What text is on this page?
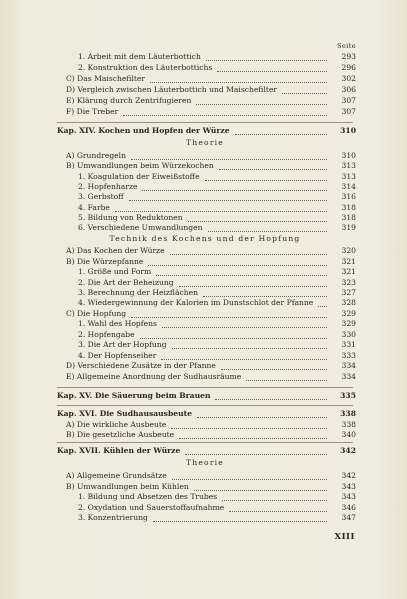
Seite
Theorie
Technik des Kochens und der Hopfung
Theorie
1. Arbeit mit dem Läuterbottich	293
2. Konstruktion des Läuterbottichs	296
C) Das Maischefilter	302
D) Vergleich zwischen Läuterbottich und Maischefilter	306
E) Klärung durch Zentrifugieren	307
F) Die Treber	307
Kap. XIV. Kochen und Hopfen der Würze	310
A) Grundregeln	310
B) Umwandlungen beim Würzekochen	313
1. Koagulation der Eiweißstoffe	313
2. Hopfenharze	314
3. Gerbstoff	316
4. Farbe	318
5. Bildung von Reduktonen	318
6. Verschiedene Umwandlungen	319
A) Das Kochen der Würze	320
B) Die Würzepfanne	321
1. Größe und Form	321
2. Die Art der Beheizung	323
3. Berechnung der Heizflächen	327
4. Wiedergewinnung der Kalorien im Dunstschlot der Pfanne	328
C) Die Hopfung	329
1. Wahl des Hopfens	329
2. Hopfengabe	330
3. Die Art der Hopfung	331
4. Der Hopfenseiher	333
D) Verschiedene Zusätze in der Pfanne	334
E) Allgemeine Anordnung der Sudhausräume	334
Kap. XV. Die Säuerung beim Brauen	335
Kap. XVI. Die Sudhausausbeute	338
A) Die wirkliche Ausbeute	338
B) Die gesetzliche Ausbeute	340
Kap. XVII. Kühlen der Würze	342
A) Allgemeine Grundsätze	342
B) Umwandlungen beim Kühlen	343
1. Bildung und Absetzen des Trubes	343
2. Oxydation und Sauerstoffaufnahme	346
3. Konzentrierung	347
XIII
